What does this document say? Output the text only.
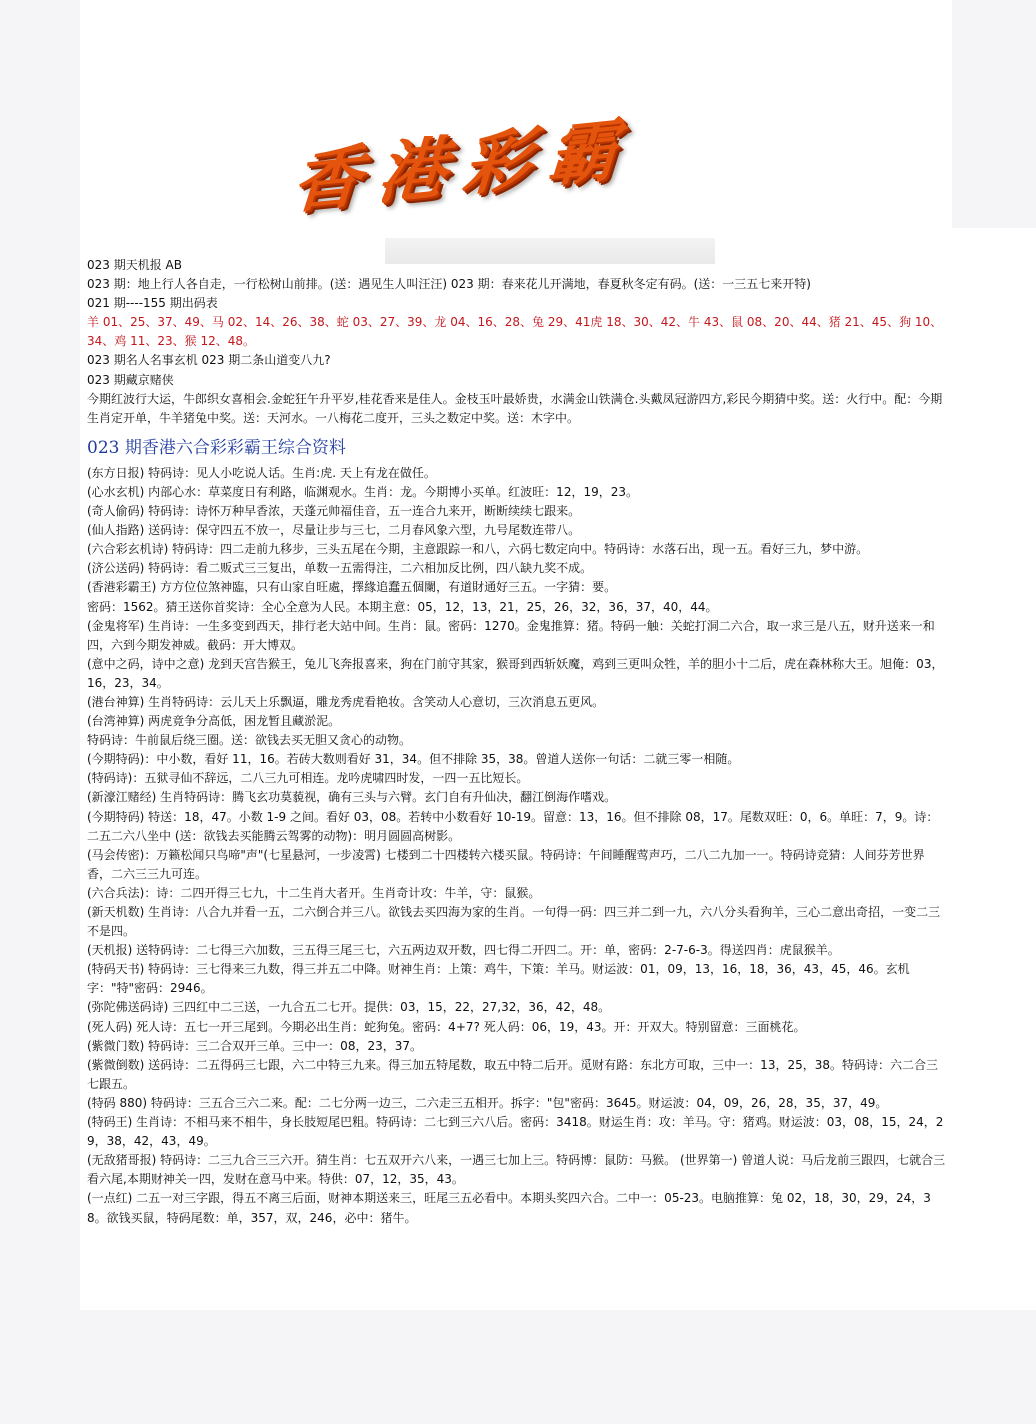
香港彩霸
023 期天机报 AB
023 期：地上行人各自走，一行松树山前排。(送：遇见生人叫汪汪) 023 期：春来花儿开满地，春夏秋冬定有码。(送：一三五七来开特)
021 期----155 期出码表
羊 01、25、37、49、马 02、14、26、38、蛇 03、27、39、龙 04、16、28、兔 29、41虎 18、30、42、牛 43、鼠 08、20、44、猪 21、45、狗 10、34、鸡 11、23、猴 12、48。
023 期名人名事玄机 023 期二条山道变八九?
023 期藏京赌侠
今期红波行大运，牛郎织女喜相会.金蛇狂午升平岁,桂花香来是佳人。金枝玉叶最娇贵，水满金山铁满仓.头戴凤冠游四方,彩民今期猜中奖。送：火行中。配：今期生肖定开单，牛羊猪兔中奖。送：天河水。一八梅花二度开，三头之数定中奖。送：木字中。
023 期香港六合彩彩霸王综合资料
(东方日报) 特码诗：见人小吃说人话。生肖:虎. 天上有龙在做任。
(心水玄机) 内部心水：草菜度日有利路，临渊观水。生肖：龙。今期博小买单。红波旺：12，19，23。
(奇人偷码) 特码诗：诗怀万种早香浓，天蓬元帅福佳音，五一连合九来开，断断续续七跟来。
(仙人指路) 送码诗：保守四五不放一，尽量让步与三七，二月春风象六型，九号尾数连带八。
(六合彩玄机诗) 特码诗：四二走前九移步，三头五尾在今期，主意跟踪一和八，六码七数定向中。特码诗：水落石出，现一五。看好三九，梦中游。
(济公送码) 特码诗：看二贩式三三复出，单数一五需得注，二六相加反比例，四八缺九奖不成。
(香港彩霸王) 方方位位煞神臨，只有山家自旺處，擇緣追蠢五個闌，有道財通好三五。一字猜：要。
密码：1562。猜王送你首奖诗：全心全意为人民。本期主意：05，12，13，21，25，26，32，36，37，40，44。
(金鬼将军) 生肖诗：一生多变到西天，排行老大站中间。生肖：鼠。密码：1270。金鬼推算：猪。特码一触：关蛇打洞二六合，取一求三是八五，财升送来一和四，六到今期发神威。截码：开大博双。
(意中之码，诗中之意) 龙到天宫告猴王，兔儿飞奔报喜来，狗在门前守其家，猴哥到西斩妖魔，鸡到三更叫众牲，羊的胆小十二后，虎在森林称大王。旭俺：03，16，23，34。
(港台神算) 生肖特码诗：云儿天上乐飘逼，雕龙秀虎看艳妆。含笑动人心意切，三次消息五更风。
(台湾神算) 两虎竟争分高低，困龙暂且藏淤泥。
特码诗：牛前鼠后绕三圈。送：欲钱去买无胆又贪心的动物。
(今期特码)：中小数，看好 11，16。若砖大数则看好 31，34。但不排除 35，38。曾道人送你一句话：二就三零一相随。
(特码诗)：五狱寻仙不辞远，二八三九可相连。龙吟虎啸四时发，一四一五比短长。
(新濠江赌经) 生肖特码诗：腾飞玄功莫藐视，确有三头与六臂。玄门自有升仙决，翻江倒海作嗜戏。
(今期特码) 特送：18，47。小数 1-9 之间。看好 03，08。若转中小数看好 10-19。留意：13，16。但不排除 08，17。尾数双旺：0，6。单旺：7，9。诗：二五二六八坐中 (送：欲钱去买能腾云驾雾的动物)：明月圆圆高树影。
(马会传密)：万籁松闻只鸟啼"声"(七星悬河，一步凌霄) 七楼到二十四楼转六楼买鼠。特码诗：午间睡醒莺声巧，二八二九加一一。特码诗竞猜：人间芬芳世界香，二六三三九可连。
(六合兵法)：诗：二四开得三七九，十二生肖大者开。生肖奇计攻：牛羊，守：鼠猴。
(新天机数) 生肖诗：八合九并看一五，二六倒合并三八。欲钱去买四海为家的生肖。一句得一码：四三并二到一九，六八分头看狗羊，三心二意出奇招，一变二三不是四。
(天机报) 送特码诗：二七得三六加数，三五得三尾三七，六五两边双开数，四七得二开四二。开：单，密码：2-7-6-3。得送四肖：虎鼠猴羊。
(特码天书) 特码诗：三七得来三九数，得三并五二中降。财神生肖：上策：鸡牛，下策：羊马。财运波：01，09，13，16，18，36，43，45，46。玄机字："特"密码：2946。
(弥陀佛送码诗) 三四红中二三送，一九合五二七开。提供：03，15，22，27,32，36，42，48。
(死人码) 死人诗：五七一开三尾到。今期必出生肖：蛇狗兔。密码：4+7? 死人码：06，19，43。开：开双大。特别留意：三面桃花。
(紫微门数) 特码诗：三二合双开三单。三中一：08，23，37。
(紫微倒数) 送码诗：二五得码三七跟，六二中特三九来。得三加五特尾数，取五中特二后开。觅财有路：东北方可取，三中一：13，25，38。特码诗：六二合三七跟五。
(特码 880) 特码诗：三五合三六二来。配：二七分两一边三，二六走三五相开。拆字："包"密码：3645。财运波：04，09，26，28，35，37，49。
(特码王) 生肖诗：不相马来不相牛，身长肢短尾巴粗。特码诗：二七到三六八后。密码：3418。财运生肖：攻：羊马。守：猪鸡。财运波：03，08，15，24，29，38，42，43，49。
(无敌猪哥报) 特码诗：二三九合三三六开。猜生肖：七五双开六八来，一遇三七加上三。特码博：鼠防：马猴。 (世界第一) 曾道人说：马后龙前三跟四，七就合三看六尾,本期财神关一四，发财在意马中来。特供：07，12，35，43。
(一点红) 二五一对三字跟，得五不离三后面，财神本期送来三，旺尾三五必看中。本期头奖四六合。二中一：05-23。电脑推算：兔 02，18，30，29，24，38。欲钱买鼠，特码尾数：单，357，双，246，必中：猪牛。
